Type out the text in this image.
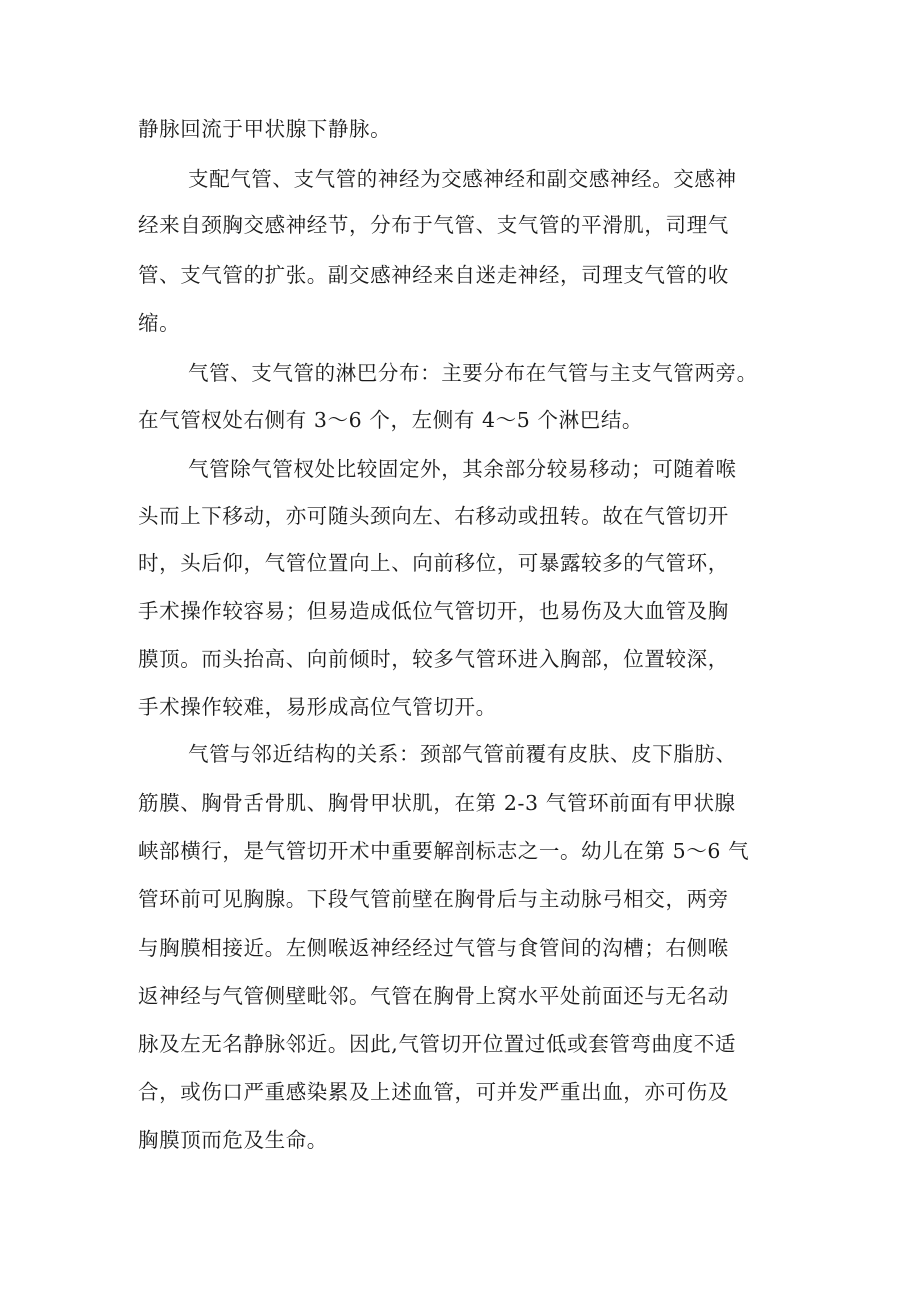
静脉回流于甲状腺下静脉。

支配气管、支气管的神经为交感神经和副交感神经。交感神

经来自颈胸交感神经节，分布于气管、支气管的平滑肌，司理气

管、支气管的扩张。副交感神经来自迷走神经，司理支气管的收

缩。

气管、支气管的淋巴分布：主要分布在气管与主支气管两旁。

在气管杈处右侧有 3～6 个，左侧有 4～5 个淋巴结。

气管除气管杈处比较固定外，其余部分较易移动；可随着喉

头而上下移动，亦可随头颈向左、右移动或扭转。故在气管切开

时，头后仰，气管位置向上、向前移位，可暴露较多的气管环，

手术操作较容易；但易造成低位气管切开，也易伤及大血管及胸

膜顶。而头抬高、向前倾时，较多气管环进入胸部，位置较深，

手术操作较难，易形成高位气管切开。

气管与邻近结构的关系：颈部气管前覆有皮肤、皮下脂肪、

筋膜、胸骨舌骨肌、胸骨甲状肌，在第 2-3 气管环前面有甲状腺

峡部横行，是气管切开术中重要解剖标志之一。幼儿在第 5～6 气

管环前可见胸腺。下段气管前壁在胸骨后与主动脉弓相交，两旁

与胸膜相接近。左侧喉返神经经过气管与食管间的沟槽；右侧喉

返神经与气管侧壁毗邻。气管在胸骨上窝水平处前面还与无名动

脉及左无名静脉邻近。因此,气管切开位置过低或套管弯曲度不适

合，或伤口严重感染累及上述血管，可并发严重出血，亦可伤及

胸膜顶而危及生命。
